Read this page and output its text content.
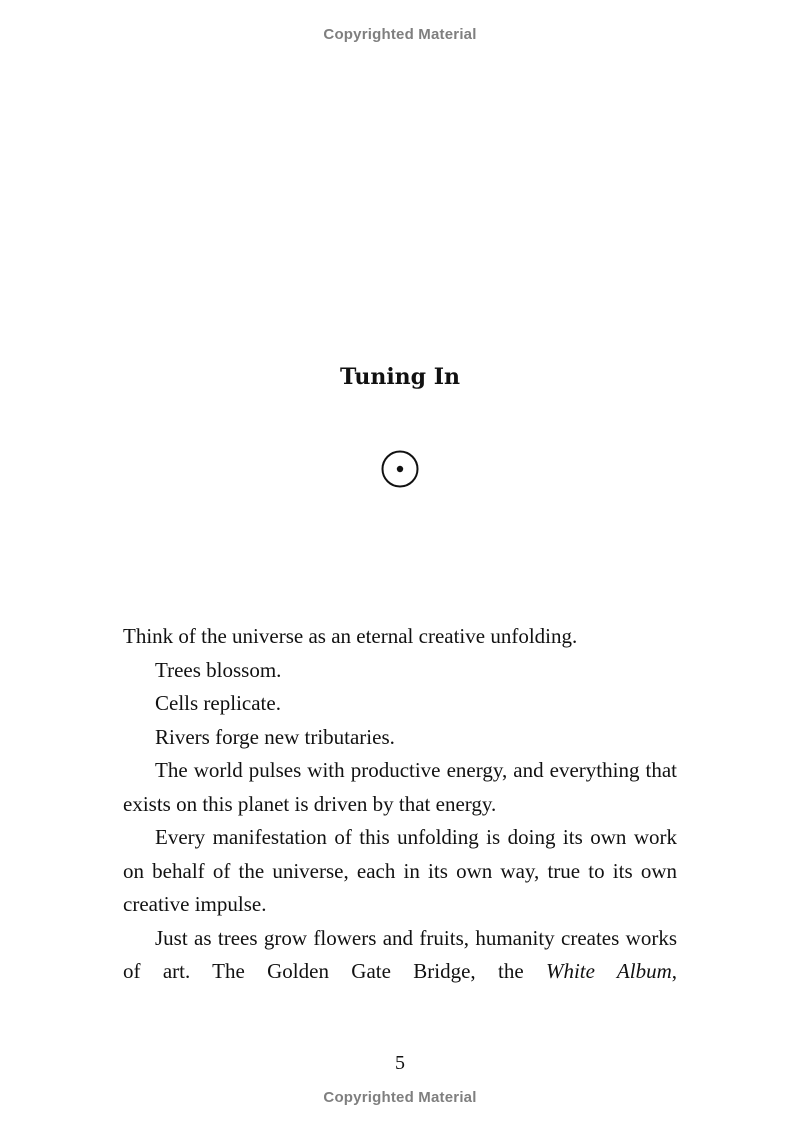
Copyrighted Material
Tuning In

Think of the universe as an eternal creative unfolding.

Trees blossom.

Cells replicate.

Rivers forge new tributaries.

The world pulses with productive energy, and everything that exists on this planet is driven by that energy.

Every manifestation of this unfolding is doing its own work on behalf of the universe, each in its own way, true to its own creative impulse.

Just as trees grow flowers and fruits, humanity creates works of art. The Golden Gate Bridge, the White Album,

5
Copyrighted Material
